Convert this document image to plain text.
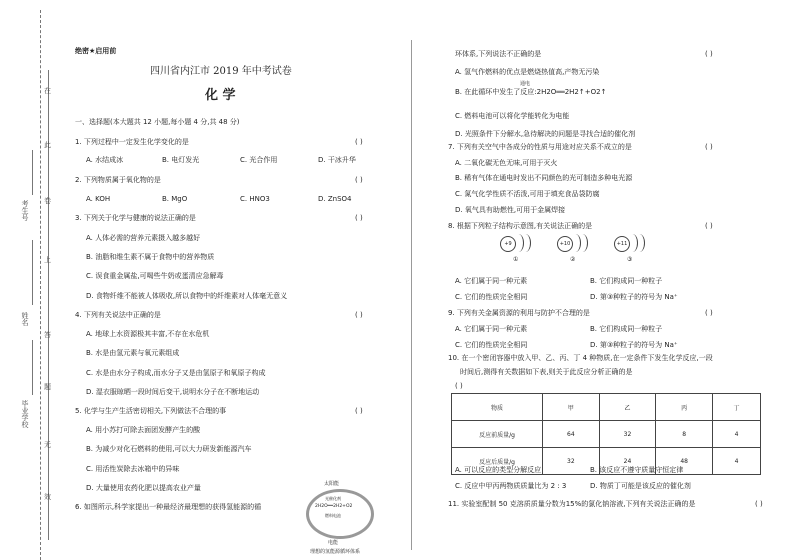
在
此
卷
上
答
题
无
效
考生号
姓名
毕业学校
绝密★启用前
四川省内江市 2019 年中考试卷
化 学
一、选择题(本大题共 12 小题,每小题 4 分,共 48 分)
1. 下列过程中一定发生化学变化的是	( )
A. 水结成冰	B. 电灯发光	C. 光合作用	D. 干冰升华
2. 下列物质属于氧化物的是	( )
A. KOH	B. MgO	C. HNO3	D. ZnSO4
3. 下列关于化学与健康的说法正确的是	( )
A. 人体必需的营养元素摄入越多越好
B. 油脂和维生素不属于食物中的营养物质
C. 误食重金属盐,可喝些牛奶或蛋清应急解毒
D. 食物纤维不能被人体吸收,所以食物中的纤维素对人体毫无意义
4. 下列有关说法中正确的是	( )
A. 地球上水资源极其丰富,不存在水危机
B. 水是由氢元素与氧元素组成
C. 水是由水分子构成,而水分子又是由氢原子和氧原子构成
D. 湿衣服晾晒一段时间后变干,说明水分子在不断地运动
5. 化学与生产生活密切相关,下列做法不合理的事	( )
A. 用小苏打可除去面团发酵产生的酸
B. 为减少对化石燃料的使用,可以大力研发新能源汽车
C. 用活性炭除去冰箱中的异味
D. 大量使用农药化肥以提高农业产量
6. 如图所示,科学家提出一种最经济最理想的获得氢能源的循
太阳能
光催化剂
2H2O══2H2+O2
燃料电池
电能
理想的氢能源循环体系
环体系,下列说法不正确的是	( )
A. 氢气作燃料的优点是燃烧热值高,产物无污染
通电
B. 在此循环中发生了反应:2H2O══2H2↑+O2↑
C. 燃料电池可以将化学能转化为电能
D. 光照条件下分解水,急待解决的问题是寻找合适的催化剂
7. 下列有关空气中各成分的性质与用途对应关系不成立的是	( )
A. 二氧化碳无色无味,可用于灭火
B. 稀有气体在通电时发出不同颜色的光可制造多种电光源
C. 氮气化学性质不活泼,可用于填充食品袋防腐
D. 氧气具有助燃性,可用于金属焊接
8. 根据下列粒子结构示意图,有关说法正确的是	( )
+9
①
+10
②
+11
③
A. 它们属于同一种元素	B. 它们构成同一种粒子
C. 它们的性质完全相同	D. 第③种粒子的符号为 Na⁺
9. 下列有关金属资源的利用与防护不合理的是	( )
A. 它们属于同一种元素	B. 它们构成同一种粒子
C. 它们的性质完全相同	D. 第③种粒子的符号为 Na⁺
10. 在一个密闭容器中放入甲、乙、丙、丁 4 种物质,在一定条件下发生化学反应,一段
时间后,测得有关数据如下表,则关于此反应分析正确的是
( )
物质	甲	乙	丙	丁
反应前质量/g	64	32	8	4
反应后质量/g	32	24	48	4
A. 可以反应的类型分解反应	B. 该反应不遵守质量守恒定律
C. 反应中甲丙两物质质量比为 2 : 3	D. 物质丁可能是该反应的催化剂
11. 实验室配制 50 克溶质质量分数为15%的氯化钠溶液,下列有关说法正确的是	( )
